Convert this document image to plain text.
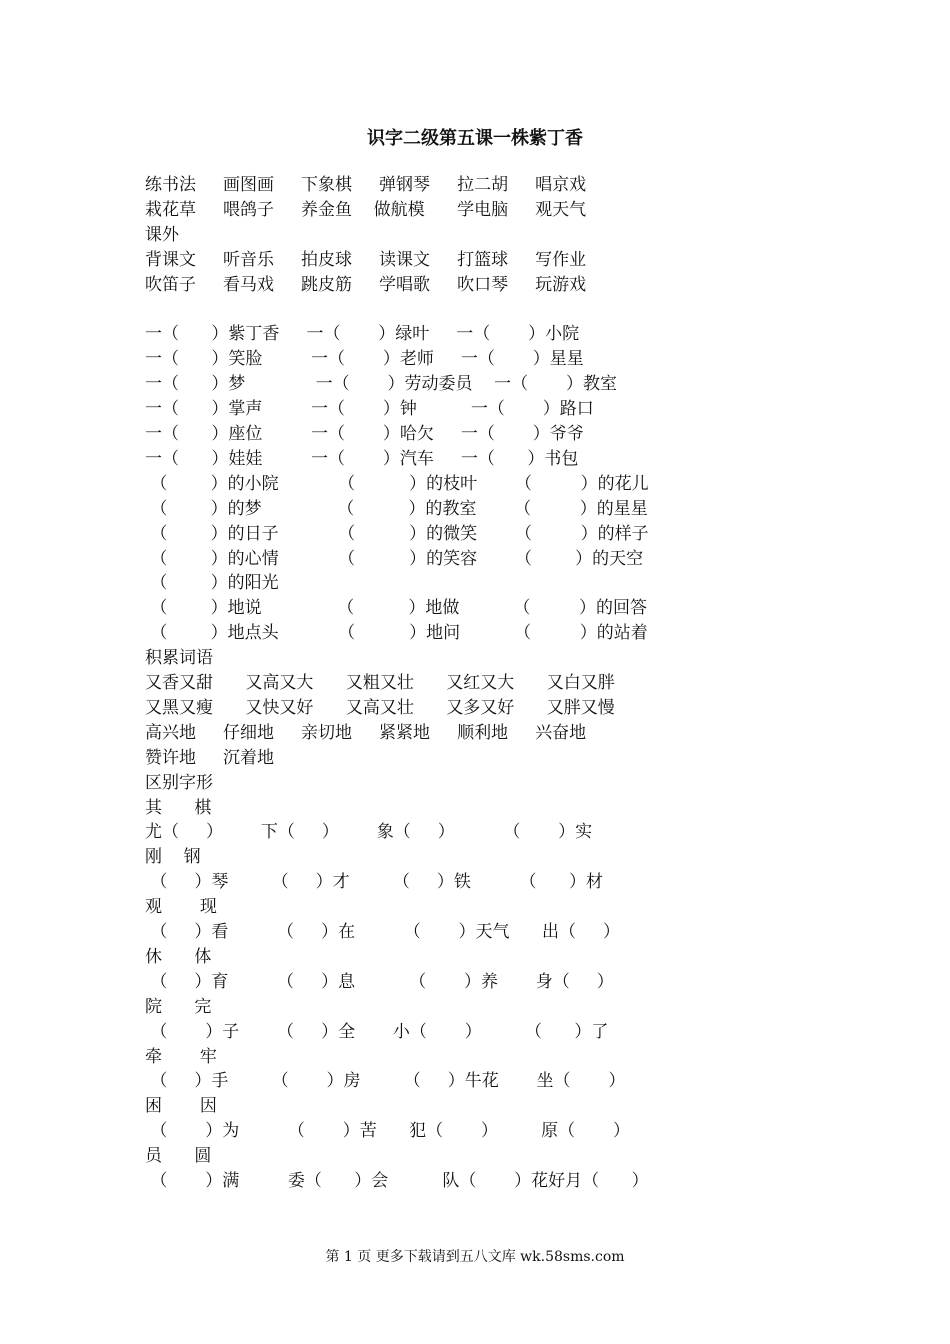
识字二级第五课一株紫丁香
练书法     画图画     下象棋     弹钢琴     拉二胡     唱京戏
栽花草     喂鸽子     养金鱼    做航模      学电脑     观天气
课外
背课文     听音乐     拍皮球     读课文     打篮球     写作业
吹笛子     看马戏     跳皮筋     学唱歌     吹口琴     玩游戏
一（      ）紫丁香     一（       ）绿叶     一（       ）小院
一（      ）笑脸         一（       ）老师     一（       ）星星
一（      ）梦             一（       ）劳动委员    一（       ）教室
一（      ）掌声         一（       ）钟          一（       ）路口
一（      ）座位         一（       ）哈欠     一（       ）爷爷
一（      ）娃娃         一（       ）汽车     一（      ）书包
（        ）的小院           （          ）的枝叶       （         ）的花儿
（        ）的梦              （          ）的教室       （         ）的星星
（        ）的日子           （          ）的微笑       （         ）的样子
（        ）的心情           （          ）的笑容       （        ）的天空
（        ）的阳光
（        ）地说              （          ）地做          （         ）的回答
（        ）地点头           （          ）地问          （         ）的站着
积累词语
又香又甜      又高又大      又粗又壮      又红又大      又白又胖
又黑又瘦      又快又好      又高又壮      又多又好      又胖又慢
高兴地     仔细地     亲切地     紧紧地     顺利地     兴奋地
赞许地     沉着地
区别字形
其      棋
尤（     ）       下（     ）       象（     ）         （       ）实
刚    钢
（     ）琴        （     ）才        （     ）铁         （      ）材
观       现
（     ）看         （     ）在         （       ）天气      出（     ）
休      体
（     ）育         （     ）息          （       ）养       身（     ）
院      完
（       ）子       （     ）全       小（       ）        （      ）了
牵       牢
（     ）手        （       ）房        （     ）牛花       坐（       ）
困       因
（       ）为         （       ）苦      犯（       ）        原（       ）
员      圆
（       ）满         委（      ）会          队（       ）花好月（      ）
第 1 页 更多下载请到五八文库 wk.58sms.com
